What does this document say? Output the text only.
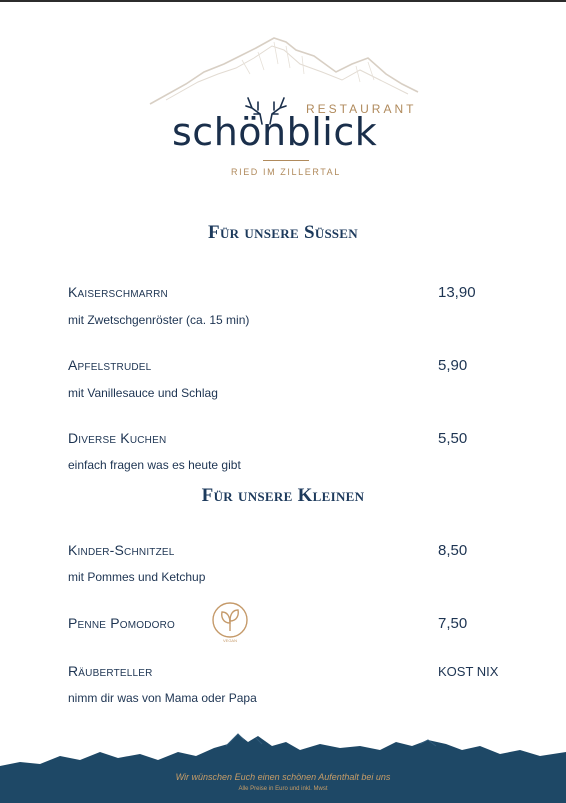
RESTAURANT
schönblick
RIED IM ZILLERTAL
Für unsere Süßen
Kaiserschmarrn	13,90
mit Zwetschgenröster (ca. 15 min)
Apfelstrudel	5,90
mit Vanillesauce und Schlag
Diverse Kuchen	5,50
einfach fragen was es heute gibt
Für unsere Kleinen
Kinder-Schnitzel	8,50
mit Pommes und Ketchup
Penne Pomodoro	7,50
VEGAN
Räuberteller	KOST NIX
nimm dir was von Mama oder Papa
Wir wünschen Euch einen schönen Aufenthalt bei uns
Alle Preise in Euro und inkl. Mwst
